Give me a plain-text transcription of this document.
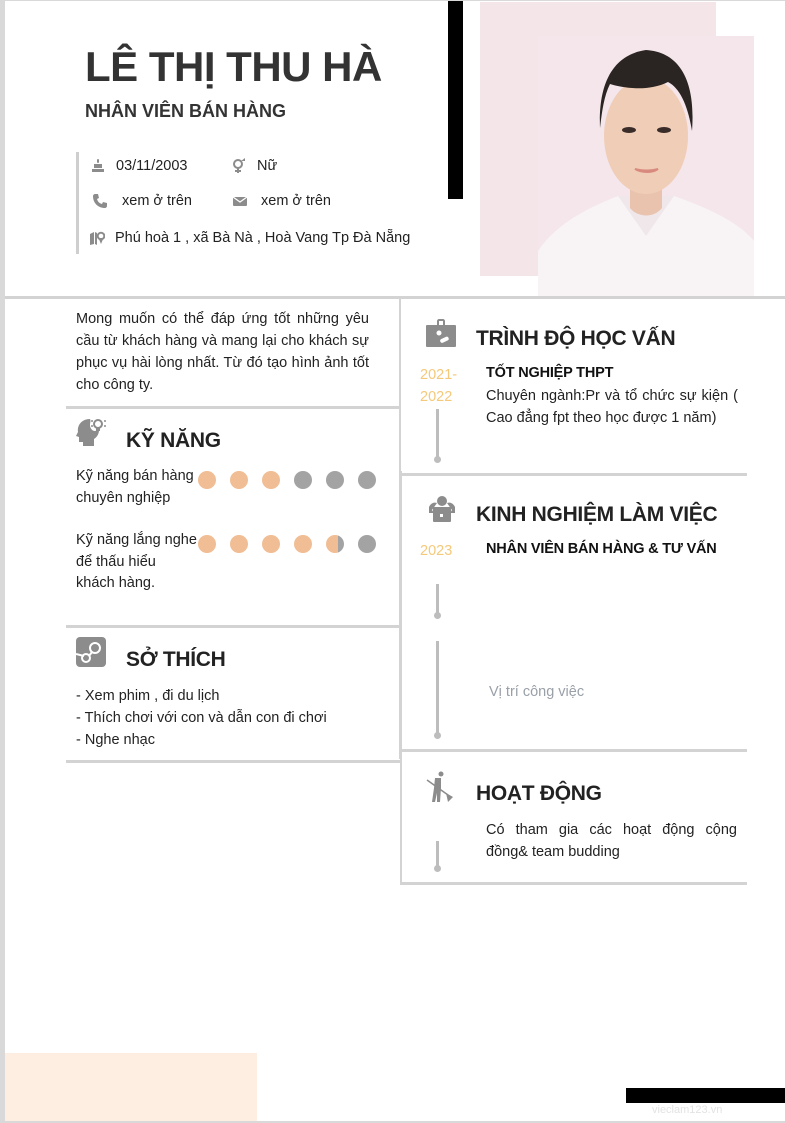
LÊ THỊ THU HÀ
NHÂN VIÊN BÁN HÀNG
03/11/2003	Nữ
xem ở trên	xem ở trên
Phú hoà 1 , xã Bà Nà , Hoà Vang Tp Đà Nẵng
Mong muốn có thể đáp ứng tốt những yêu cầu từ khách hàng và mang lại cho khách sự phục vụ hài lòng nhất. Từ đó tạo hình ảnh tốt cho công ty.
KỸ NĂNG
Kỹ năng bán hàng chuyên nghiệp
Kỹ năng lắng nghe để thấu hiểu khách hàng.
SỞ THÍCH
- Xem phim , đi du lịch
- Thích chơi với con và dẫn con đi chơi
- Nghe nhạc
TRÌNH ĐỘ HỌC VẤN
2021-
2022
TỐT NGHIỆP THPT
Chuyên ngành:Pr và tổ chức sự kiện ( Cao đẳng fpt theo học được 1 năm)
KINH NGHIỆM LÀM VIỆC
2023 NHÂN VIÊN BÁN HÀNG & TƯ VẤN
Vị trí công việc
HOẠT ĐỘNG
Có tham gia các hoạt động cộng đồng& team budding
vieclam123.vn
